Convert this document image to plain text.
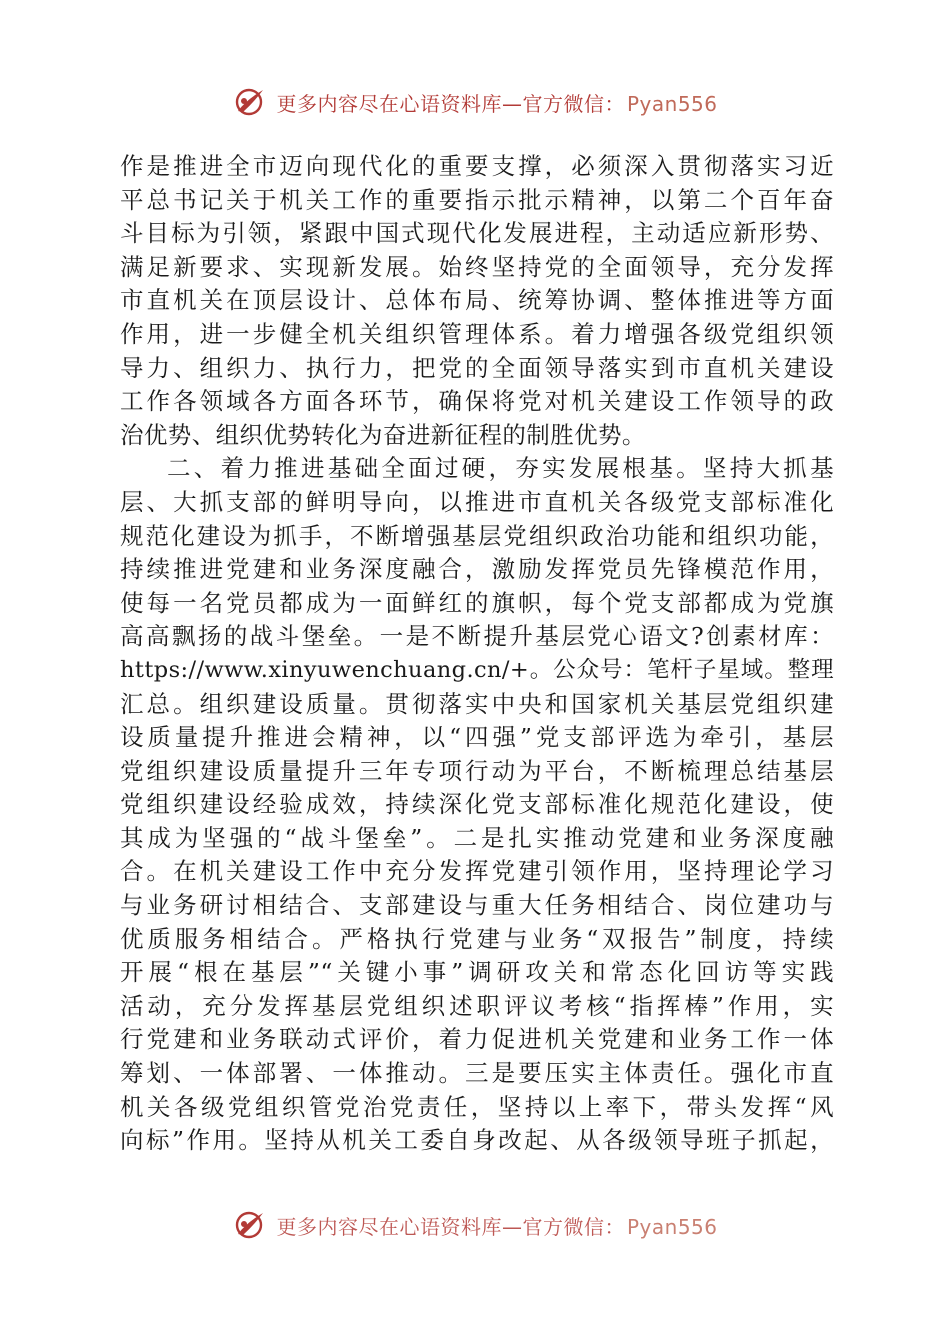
更多内容尽在心语资料库—官方微信： Pyan556
作是推进全市迈向现代化的重要支撑，必须深入贯彻落实习近
平总书记关于机关工作的重要指示批示精神，以第二个百年奋
斗目标为引领，紧跟中国式现代化发展进程，主动适应新形势、
满足新要求、实现新发展。始终坚持党的全面领导，充分发挥
市直机关在顶层设计、总体布局、统筹协调、整体推进等方面
作用，进一步健全机关组织管理体系。着力增强各级党组织领
导力、组织力、执行力，把党的全面领导落实到市直机关建设
工作各领域各方面各环节，确保将党对机关建设工作领导的政
治优势、组织优势转化为奋进新征程的制胜优势。
二、着力推进基础全面过硬，夯实发展根基。坚持大抓基
层、大抓支部的鲜明导向，以推进市直机关各级党支部标准化
规范化建设为抓手，不断增强基层党组织政治功能和组织功能，
持续推进党建和业务深度融合，激励发挥党员先锋模范作用，
使每一名党员都成为一面鲜红的旗帜，每个党支部都成为党旗
高高飘扬的战斗堡垒。一是不断提升基层党心语文?创素材库：
https://www.xinyuwenchuang.cn/+。公众号：笔杆子星域。整理
汇总。组织建设质量。贯彻落实中央和国家机关基层党组织建
设质量提升推进会精神，以“四强”党支部评选为牵引，基层
党组织建设质量提升三年专项行动为平台，不断梳理总结基层
党组织建设经验成效，持续深化党支部标准化规范化建设，使
其成为坚强的“战斗堡垒”。二是扎实推动党建和业务深度融
合。在机关建设工作中充分发挥党建引领作用，坚持理论学习
与业务研讨相结合、支部建设与重大任务相结合、岗位建功与
优质服务相结合。严格执行党建与业务“双报告”制度，持续
开展“根在基层”“关键小事”调研攻关和常态化回访等实践
活动，充分发挥基层党组织述职评议考核“指挥棒”作用，实
行党建和业务联动式评价，着力促进机关党建和业务工作一体
筹划、一体部署、一体推动。三是要压实主体责任。强化市直
机关各级党组织管党治党责任，坚持以上率下，带头发挥“风
向标”作用。坚持从机关工委自身改起、从各级领导班子抓起，
更多内容尽在心语资料库—官方微信： Pyan556
